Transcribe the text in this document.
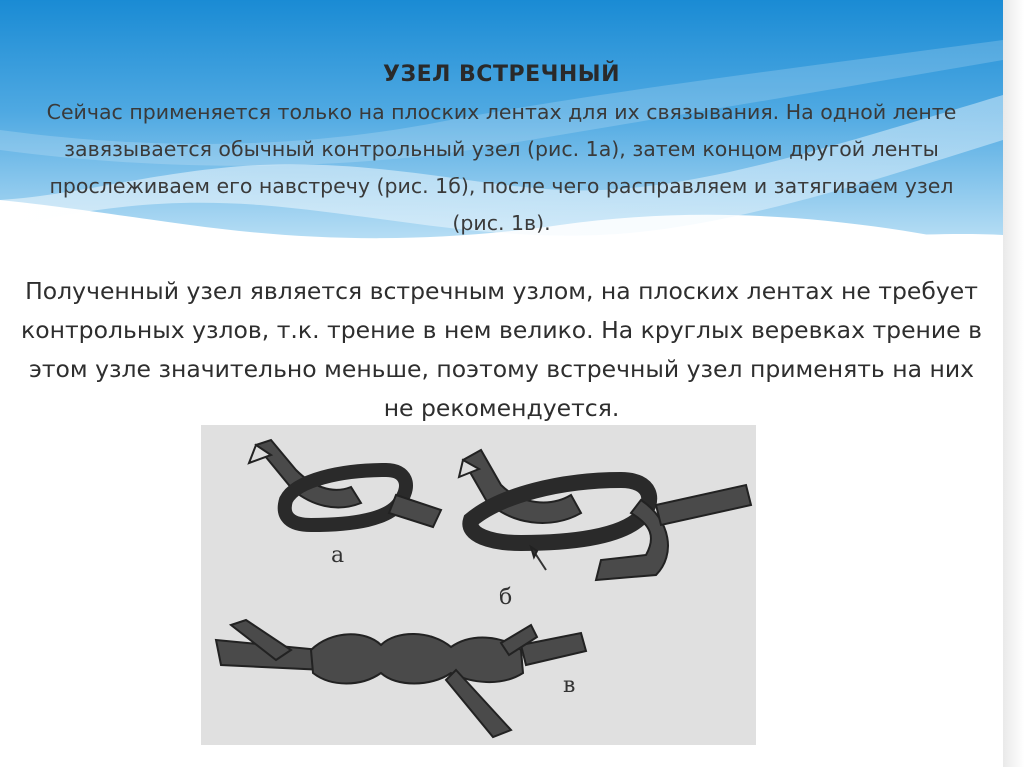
УЗЕЛ ВСТРЕЧНЫЙ
Сейчас применяется только на плоских лентах для их связывания. На одной ленте завязывается обычный контрольный узел (рис. 1а), затем концом другой ленты прослеживаем его навстречу (рис. 1б), после чего расправляем и затягиваем узел (рис. 1в).
Полученный узел является встречным узлом, на плоских лентах не требует контрольных узлов, т.к. трение в нем велико. На круглых веревках трение в этом узле значительно меньше, поэтому встречный узел применять на них не рекомендуется.
а
б
в
